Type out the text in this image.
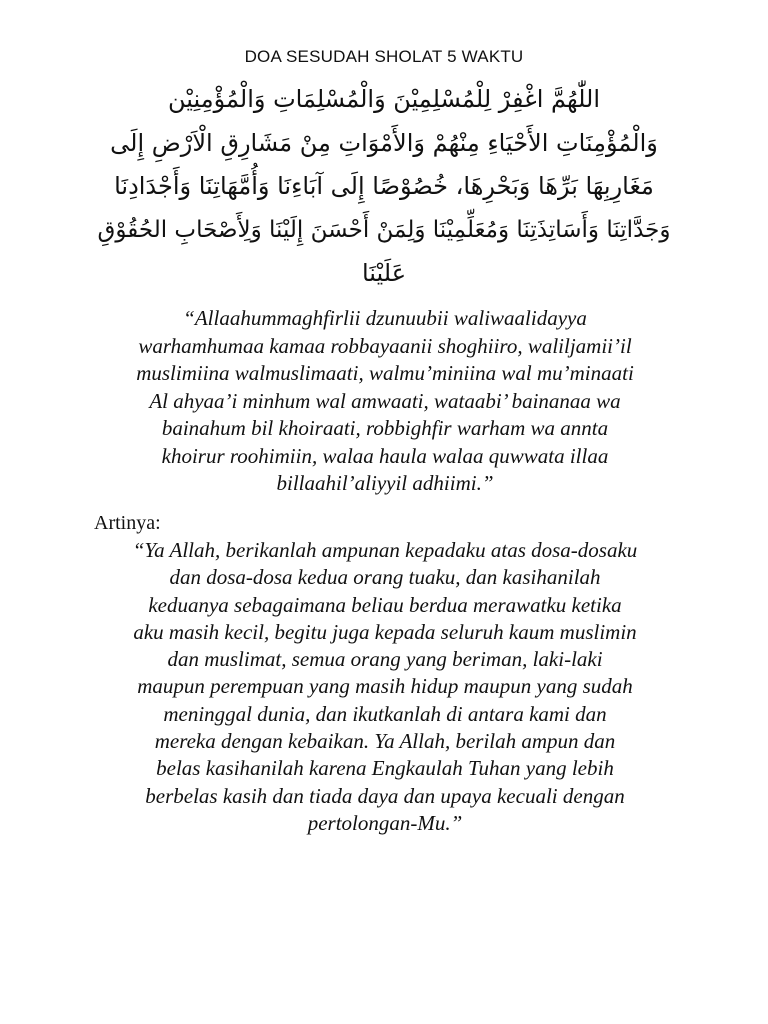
DOA SESUDAH SHOLAT 5 WAKTU
اللّٰهُمَّ اغْفِرْ لِلْمُسْلِمِيْنَ وَالْمُسْلِمَاتِ وَالْمُؤْمِنِيْن
وَالْمُؤْمِنَاتِ الأَحْيَاءِ مِنْهُمْ وَالأَمْوَاتِ مِنْ مَشَارِقِ الْاَرْضِ إِلَى
مَغَارِبِهَا بَرِّهَا وَبَحْرِهَا، خُصُوْصًا إِلَى آبَاءِنَا وَأُمَّهَاتِنَا وَأَجْدَادِنَا
وَجَدَّاتِنَا وَأَسَاتِذَتِنَا وَمُعَلِّمِيْنَا وَلِمَنْ أَحْسَنَ إِلَيْنَا وَلِأَصْحَابِ الحُقُوْقِ
عَلَيْنَا
“Allaahummaghfirlii dzunuubii waliwaalidayya
warhamhumaa kamaa robbayaanii shoghiiro, waliljamii’il
muslimiina walmuslimaati, walmu’miniina wal mu’minaati
Al ahyaa’i minhum wal amwaati, wataabi’ bainanaa wa
bainahum bil khoiraati, robbighfir warham wa annta
khoirur roohimiin, walaa haula walaa quwwata illaa
billaahil’aliyyil adhiimi.”
Artinya:
“Ya Allah, berikanlah ampunan kepadaku atas dosa-dosaku
dan dosa-dosa kedua orang tuaku, dan kasihanilah
keduanya sebagaimana beliau berdua merawatku ketika
aku masih kecil, begitu juga kepada seluruh kaum muslimin
dan muslimat, semua orang yang beriman, laki-laki
maupun perempuan yang masih hidup maupun yang sudah
meninggal dunia, dan ikutkanlah di antara kami dan
mereka dengan kebaikan. Ya Allah, berilah ampun dan
belas kasihanilah karena Engkaulah Tuhan yang lebih
berbelas kasih dan tiada daya dan upaya kecuali dengan
pertolongan-Mu.”
